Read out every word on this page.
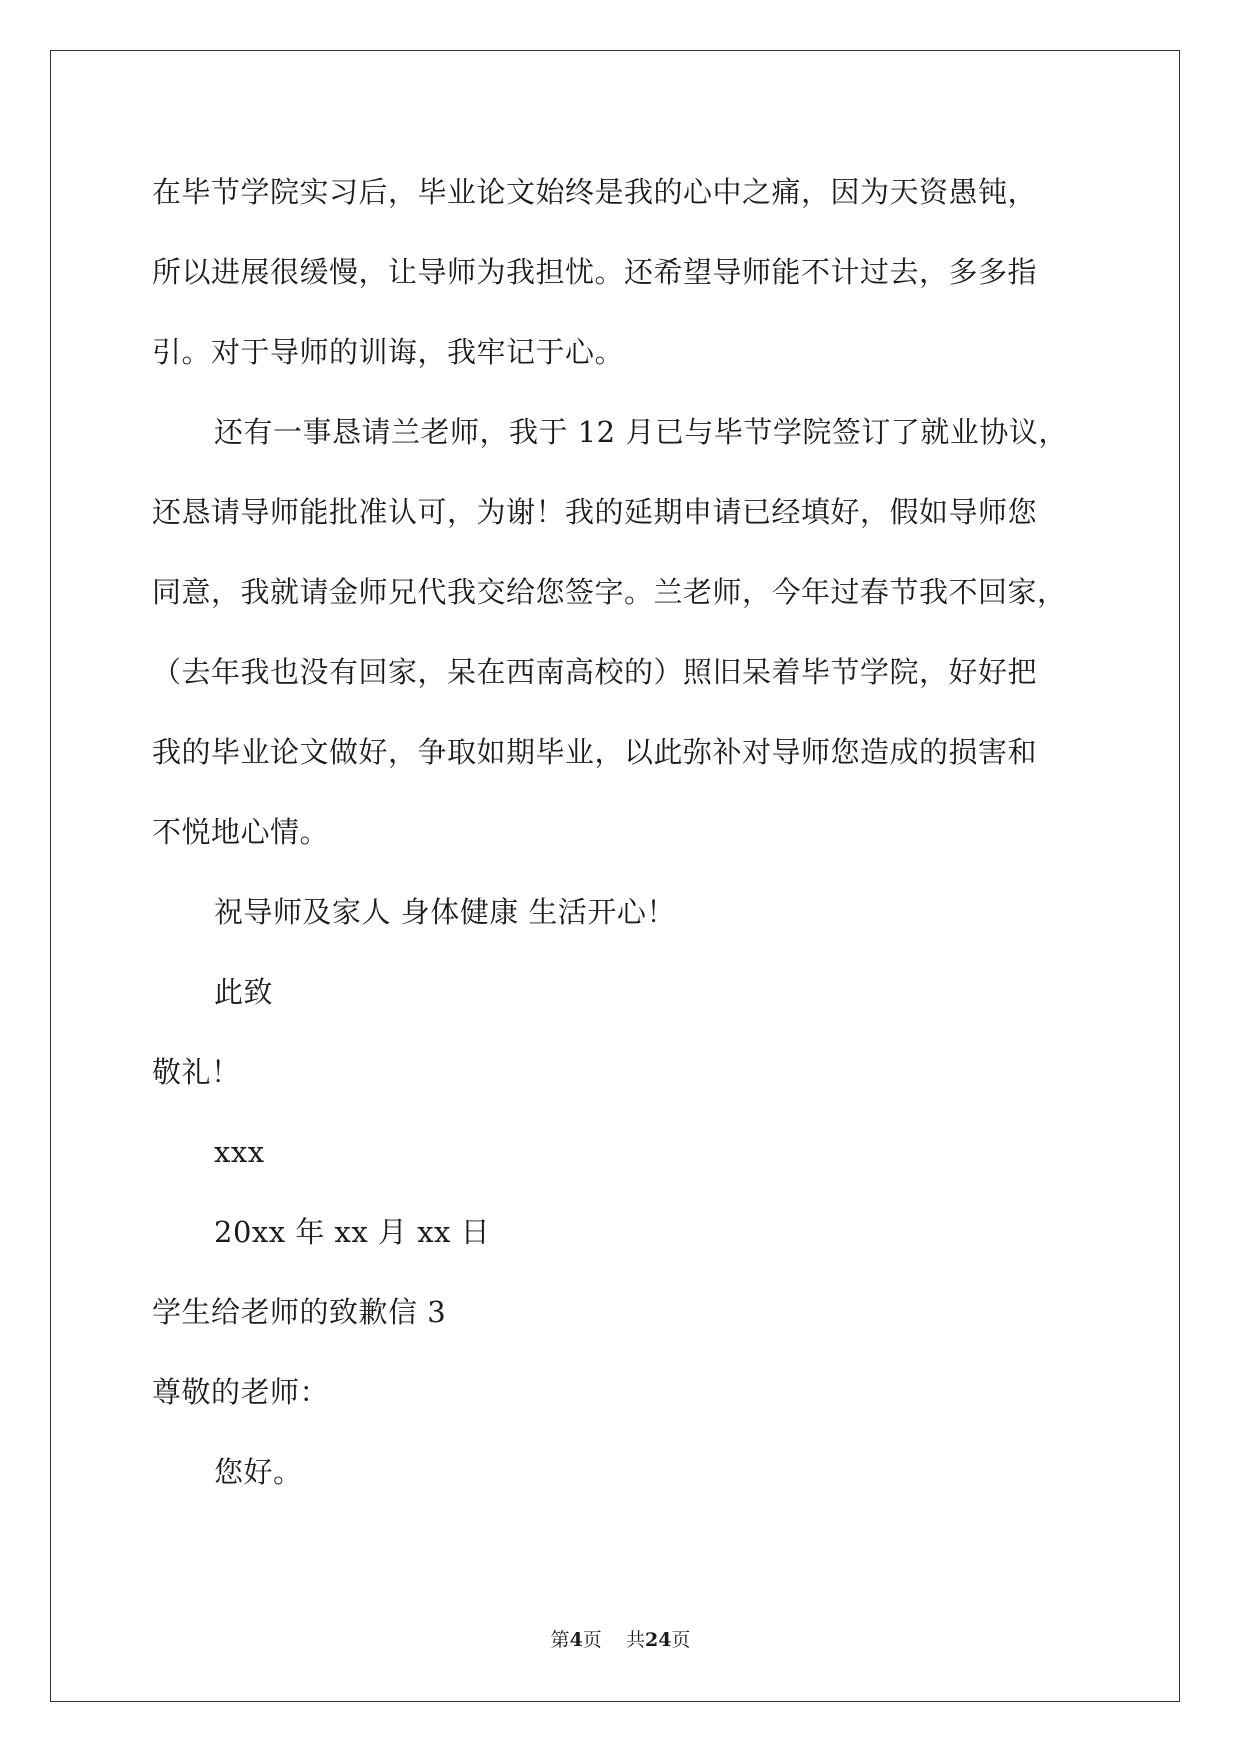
在毕节学院实习后，毕业论文始终是我的心中之痛，因为天资愚钝，
所以进展很缓慢，让导师为我担忧。还希望导师能不计过去，多多指
引。对于导师的训诲，我牢记于心。
还有一事恳请兰老师，我于 12 月已与毕节学院签订了就业协议，
还恳请导师能批准认可，为谢！我的延期申请已经填好，假如导师您
同意，我就请金师兄代我交给您签字。兰老师，今年过春节我不回家，
（去年我也没有回家，呆在西南高校的）照旧呆着毕节学院，好好把
我的毕业论文做好，争取如期毕业，以此弥补对导师您造成的损害和
不悦地心情。
祝导师及家人 身体健康 生活开心！
此致
敬礼！
xxx
20xx 年 xx 月 xx 日
学生给老师的致歉信 3
尊敬的老师：
您好。
第4页    共24页
